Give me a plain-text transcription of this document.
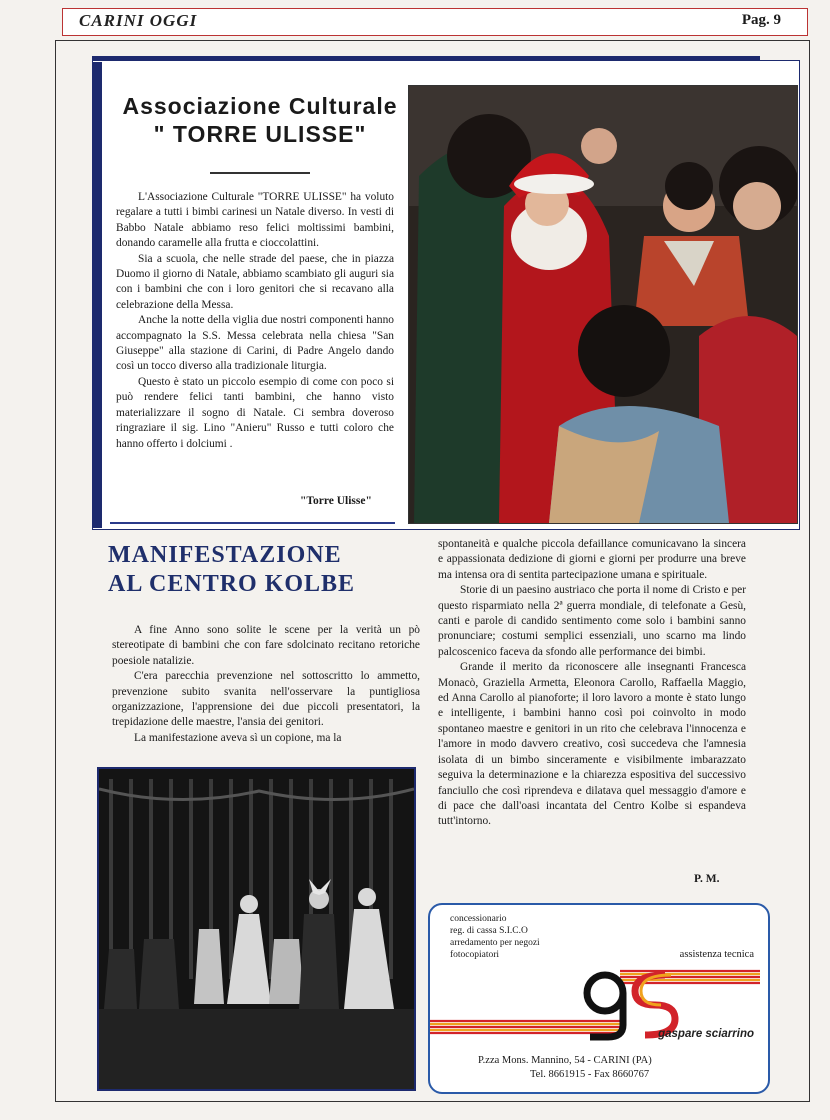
CARINI OGGI	Pag. 9
Associazione Culturale
" TORRE ULISSE"

L'Associazione Culturale "TORRE ULISSE" ha voluto regalare a tutti i bimbi carinesi un Natale diverso. In vesti di Babbo Natale abbiamo reso felici moltissimi bambini, donando caramelle alla frutta e cioccolattini.

Sia a scuola, che nelle strade del paese, che in piazza Duomo il giorno di Natale, abbiamo scambiato gli auguri sia con i bambini che con i loro genitori che si recavano alla celebrazione della Messa.

Anche la notte della viglia due nostri componenti hanno accompagnato la S.S. Messa celebrata nella chiesa "San Giuseppe" alla stazione di Carini, di Padre Angelo dando così un tocco diverso alla tradizionale liturgia.

Questo è stato un piccolo esempio di come con poco si può rendere felici tanti bambini, che hanno visto materializzare il sogno di Natale. Ci sembra doveroso ringraziare il sig. Lino "Anieru" Russo e tutti coloro che hanno offerto i dolciumi .

"Torre Ulisse"
MANIFESTAZIONE
AL CENTRO KOLBE

A fine Anno sono solite le scene per la verità un pò stereotipate di bambini che con fare sdolcinato recitano retoriche poesiole natalizie.

C'era parecchia prevenzione nel sottoscritto lo ammetto, prevenzione subito svanita nell'osservare la puntigliosa organizzazione, l'apprensione dei due piccoli presentatori, la trepidazione delle maestre, l'ansia dei genitori.

La manifestazione aveva sì un copione, ma la

spontaneità e qualche piccola defaillance comunicavano la sincera e appassionata dedizione di giorni e giorni per produrre una breve ma intensa ora di sentita partecipazione umana e spirituale.

Storie di un paesino austriaco che porta il nome di Cristo e per questo risparmiato nella 2ª guerra mondiale, di telefonate a Gesù, canti e parole di candido sentimento come solo i bambini sanno pronunciare; costumi semplici essenziali, uno scarno ma lindo palcoscenico faceva da sfondo alle performance dei bimbi.

Grande il merito da riconoscere alle insegnanti Francesca Monacò, Graziella Armetta, Eleonora Carollo, Raffaella Maggio, ed Anna Carollo al pianoforte; il loro lavoro a monte è stato lungo e intelligente, i bambini hanno così poi coinvolto in modo spontaneo maestre e genitori in un rito che celebrava l'innocenza e l'amore in modo davvero creativo, così succedeva che l'amnesia isolata di un bimbo sinceramente e visibilmente imbarazzato seguiva la determinazione e la chiarezza espositiva del successivo fanciullo che così riprendeva e dilatava quel messaggio d'amore e di pace che dall'oasi incantata del Centro Kolbe si espandeva tutt'intorno.

P. M.
concessionario
reg. di cassa S.I.C.O
arredamento per negozi
fotocopiatori	assistenza tecnica
gaspare sciarrino
P.zza Mons. Mannino, 54 - CARINI (PA)
Tel. 8661915 - Fax 8660767
